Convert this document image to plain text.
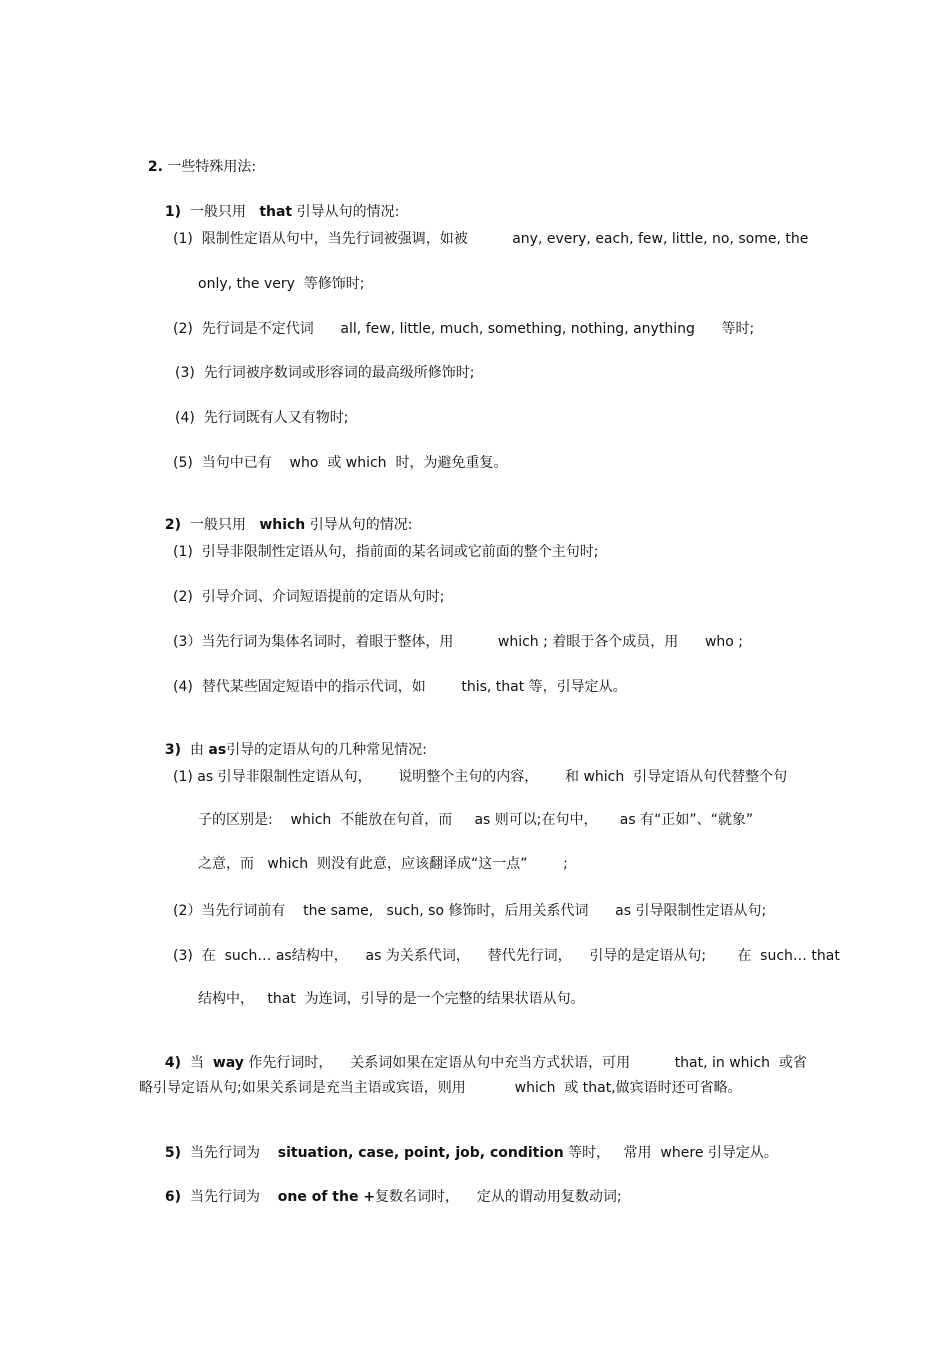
2. 一些特殊用法:

1)  一般只用   that 引导从句的情况:

(1)  限制性定语从句中，当先行词被强调，如被          any, every, each, few, little, no, some, the
only, the very  等修饰时;
(2)  先行词是不定代词      all, few, little, much, something, nothing, anything      等时;
(3)  先行词被序数词或形容词的最高级所修饰时;
(4)  先行词既有人又有物时;
(5)  当句中已有    who  或 which  时，为避免重复。

2)  一般只用   which 引导从句的情况:

(1)  引导非限制性定语从句，指前面的某名词或它前面的整个主句时;
(2)  引导介词、介词短语提前的定语从句时;
(3）当先行词为集体名词时，着眼于整体，用          which ; 着眼于各个成员，用      who ;
(4)  替代某些固定短语中的指示代词，如        this, that 等，引导定从。

3)  由 as引导的定语从句的几种常见情况:

(1) as 引导非限制性定语从句，      说明整个主句的内容，      和 which  引导定语从句代替整个句
子的区别是:    which  不能放在句首，而     as 则可以;在句中，     as 有“正如”、“就象”
之意，而   which  则没有此意，应该翻译成“这一点”        ;
(2）当先行词前有    the same,   such, so 修饰时，后用关系代词      as 引导限制性定语从句;
(3)  在  such… as结构中，    as 为关系代词，    替代先行词，    引导的是定语从句;       在  such… that
结构中，   that  为连词，引导的是一个完整的结果状语从句。

4)  当  way 作先行词时，    关系词如果在定语从句中充当方式状语，可用          that, in which  或省

略引导定语从句;如果关系词是充当主语或宾语，则用           which  或 that,做宾语时还可省略。

5)  当先行词为    situation, case, point, job, condition 等时，   常用  where 引导定从。

6)  当先行词为    one of the +复数名词时，    定从的谓动用复数动词;
